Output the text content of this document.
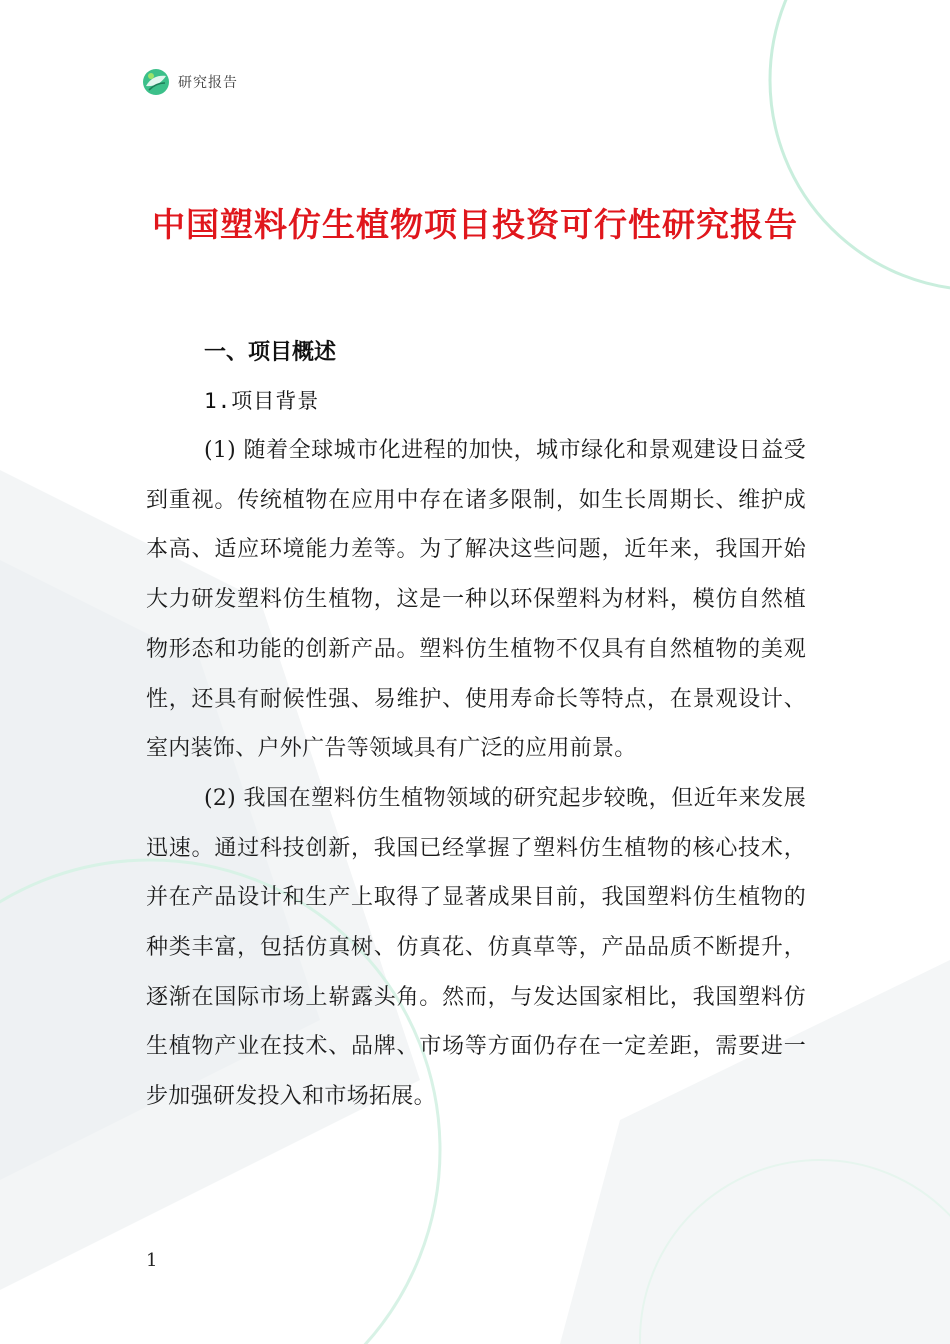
研究报告
中国塑料仿生植物项目投资可行性研究报告

一、项目概述

1.项目背景

(1) 随着全球城市化进程的加快，城市绿化和景观建设日益受到重视。传统植物在应用中存在诸多限制，如生长周期长、维护成本高、适应环境能力差等。为了解决这些问题，近年来，我国开始大力研发塑料仿生植物，这是一种以环保塑料为材料，模仿自然植物形态和功能的创新产品。塑料仿生植物不仅具有自然植物的美观性，还具有耐候性强、易维护、使用寿命长等特点，在景观设计、室内装饰、户外广告等领域具有广泛的应用前景。

(2) 我国在塑料仿生植物领域的研究起步较晚，但近年来发展迅速。通过科技创新，我国已经掌握了塑料仿生植物的核心技术，并在产品设计和生产上取得了显著成果目前，我国塑料仿生植物的种类丰富，包括仿真树、仿真花、仿真草等，产品品质不断提升，逐渐在国际市场上崭露头角。然而，与发达国家相比，我国塑料仿生植物产业在技术、品牌、市场等方面仍存在一定差距，需要进一步加强研发投入和市场拓展。

1
